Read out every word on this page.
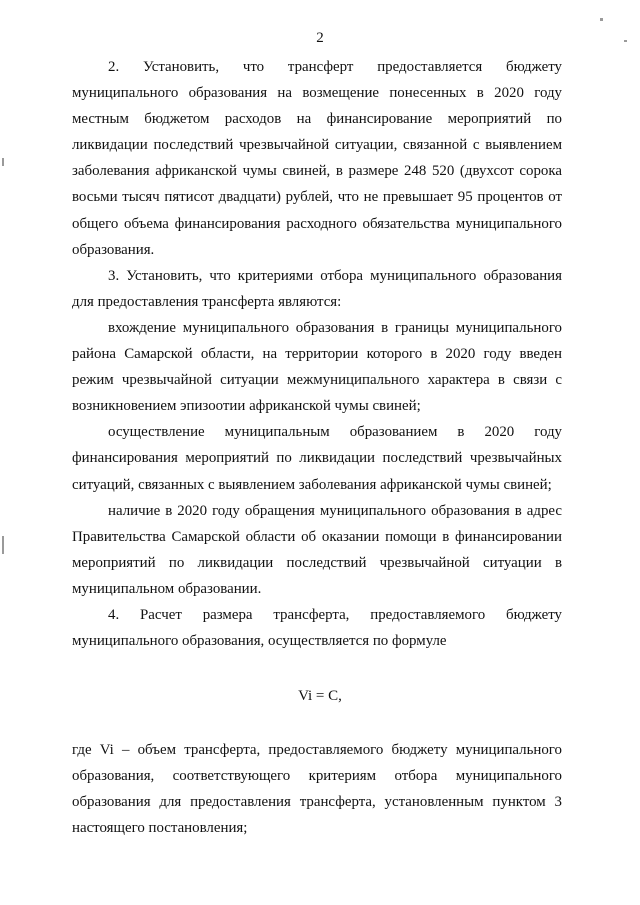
2

2. Установить, что трансферт предоставляется бюджету муниципального образования на возмещение понесенных в 2020 году местным бюджетом расходов на финансирование мероприятий по ликвидации последствий чрезвычайной ситуации, связанной с выявлением заболевания африканской чумы свиней, в размере 248 520 (двухсот сорока восьми тысяч пятисот двадцати) рублей, что не превышает 95 процентов от общего объема финансирования расходного обязательства муниципального образования.

3. Установить, что критериями отбора муниципального образования для предоставления трансферта являются:

вхождение муниципального образования в границы муниципального района Самарской области, на территории которого в 2020 году введен режим чрезвычайной ситуации межмуниципального характера в связи с возникновением эпизоотии африканской чумы свиней;

осуществление муниципальным образованием в 2020 году финансирования мероприятий по ликвидации последствий чрезвычайных ситуаций, связанных с выявлением заболевания африканской чумы свиней;

наличие в 2020 году обращения муниципального образования в адрес Правительства Самарской области об оказании помощи в финансировании мероприятий по ликвидации последствий чрезвычайной ситуации в муниципальном образовании.

4. Расчет размера трансферта, предоставляемого бюджету муниципального образования, осуществляется по формуле

Vi = C,

где Vi – объем трансферта, предоставляемого бюджету муниципального образования, соответствующего критериям отбора муниципального образования для предоставления трансферта, установленным пунктом 3 настоящего постановления;
